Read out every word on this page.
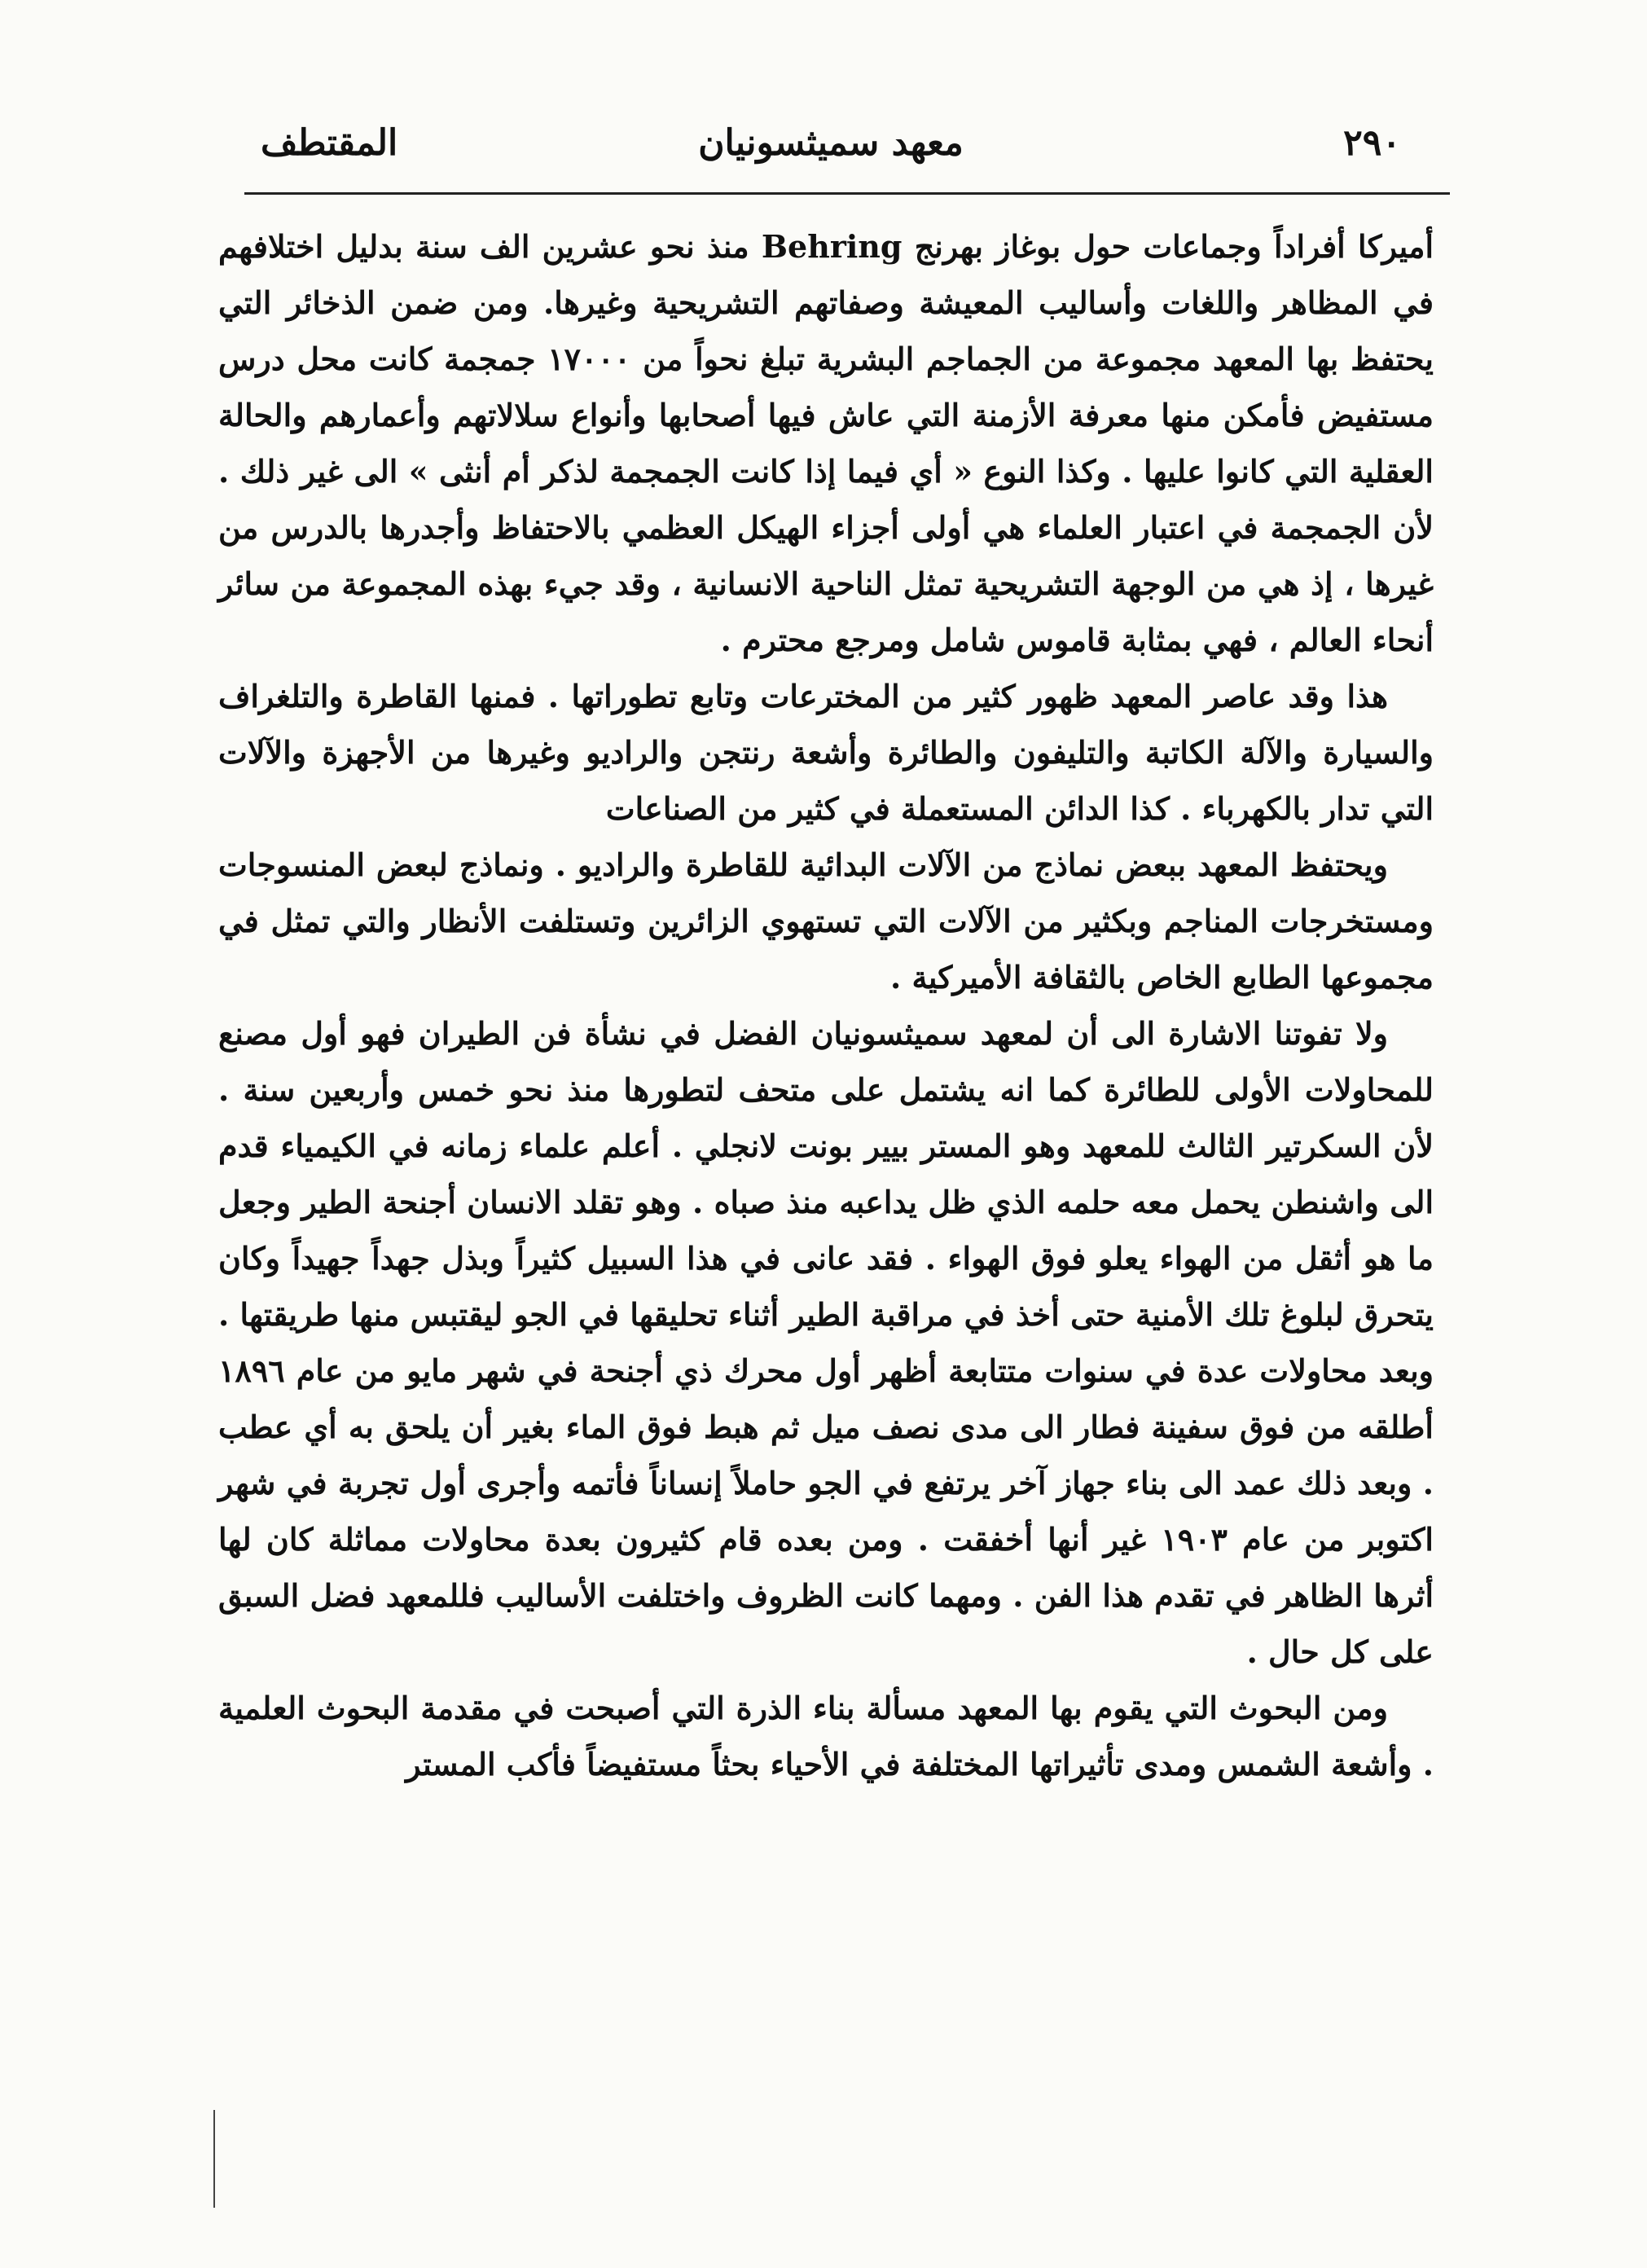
٢٩٠
معهد سميثسونيان
المقتطف

أميركا أفراداً وجماعات حول بوغاز بهرنج Behring منذ نحو عشرين الف سنة بدليل اختلافهم في المظاهر واللغات وأساليب المعيشة وصفاتهم التشريحية وغيرها. ومن ضمن الذخائر التي يحتفظ بها المعهد مجموعة من الجماجم البشرية تبلغ نحواً من ١٧٠٠٠ جمجمة كانت محل درس مستفيض فأمكن منها معرفة الأزمنة التي عاش فيها أصحابها وأنواع سلالاتهم وأعمارهم والحالة العقلية التي كانوا عليها . وكذا النوع « أي فيما إذا كانت الجمجمة لذكر أم أنثى » الى غير ذلك . لأن الجمجمة في اعتبار العلماء هي أولى أجزاء الهيكل العظمي بالاحتفاظ وأجدرها بالدرس من غيرها ، إذ هي من الوجهة التشريحية تمثل الناحية الانسانية ، وقد جيء بهذه المجموعة من سائر أنحاء العالم ، فهي بمثابة قاموس شامل ومرجع محترم .

هذا وقد عاصر المعهد ظهور كثير من المخترعات وتابع تطوراتها . فمنها القاطرة والتلغراف والسيارة والآلة الكاتبة والتليفون والطائرة وأشعة رنتجن والراديو وغيرها من الأجهزة والآلات التي تدار بالكهرباء . كذا الدائن المستعملة في كثير من الصناعات

ويحتفظ المعهد ببعض نماذج من الآلات البدائية للقاطرة والراديو . ونماذج لبعض المنسوجات ومستخرجات المناجم وبكثير من الآلات التي تستهوي الزائرين وتستلفت الأنظار والتي تمثل في مجموعها الطابع الخاص بالثقافة الأميركية .

ولا تفوتنا الاشارة الى أن لمعهد سميثسونيان الفضل في نشأة فن الطيران فهو أول مصنع للمحاولات الأولى للطائرة كما انه يشتمل على متحف لتطورها منذ نحو خمس وأربعين سنة . لأن السكرتير الثالث للمعهد وهو المستر بيير بونت لانجلي . أعلم علماء زمانه في الكيمياء قدم الى واشنطن يحمل معه حلمه الذي ظل يداعبه منذ صباه . وهو تقلد الانسان أجنحة الطير وجعل ما هو أثقل من الهواء يعلو فوق الهواء . فقد عانى في هذا السبيل كثيراً وبذل جهداً جهيداً وكان يتحرق لبلوغ تلك الأمنية حتى أخذ في مراقبة الطير أثناء تحليقها في الجو ليقتبس منها طريقتها . وبعد محاولات عدة في سنوات متتابعة أظهر أول محرك ذي أجنحة في شهر مايو من عام ١٨٩٦ أطلقه من فوق سفينة فطار الى مدى نصف ميل ثم هبط فوق الماء بغير أن يلحق به أي عطب . وبعد ذلك عمد الى بناء جهاز آخر يرتفع في الجو حاملاً إنساناً فأتمه وأجرى أول تجربة في شهر اكتوبر من عام ١٩٠٣ غير أنها أخفقت . ومن بعده قام كثيرون بعدة محاولات مماثلة كان لها أثرها الظاهر في تقدم هذا الفن . ومهما كانت الظروف واختلفت الأساليب فللمعهد فضل السبق على كل حال .

ومن البحوث التي يقوم بها المعهد مسألة بناء الذرة التي أصبحت في مقدمة البحوث العلمية . وأشعة الشمس ومدى تأثيراتها المختلفة في الأحياء بحثاً مستفيضاً فأكب المستر
